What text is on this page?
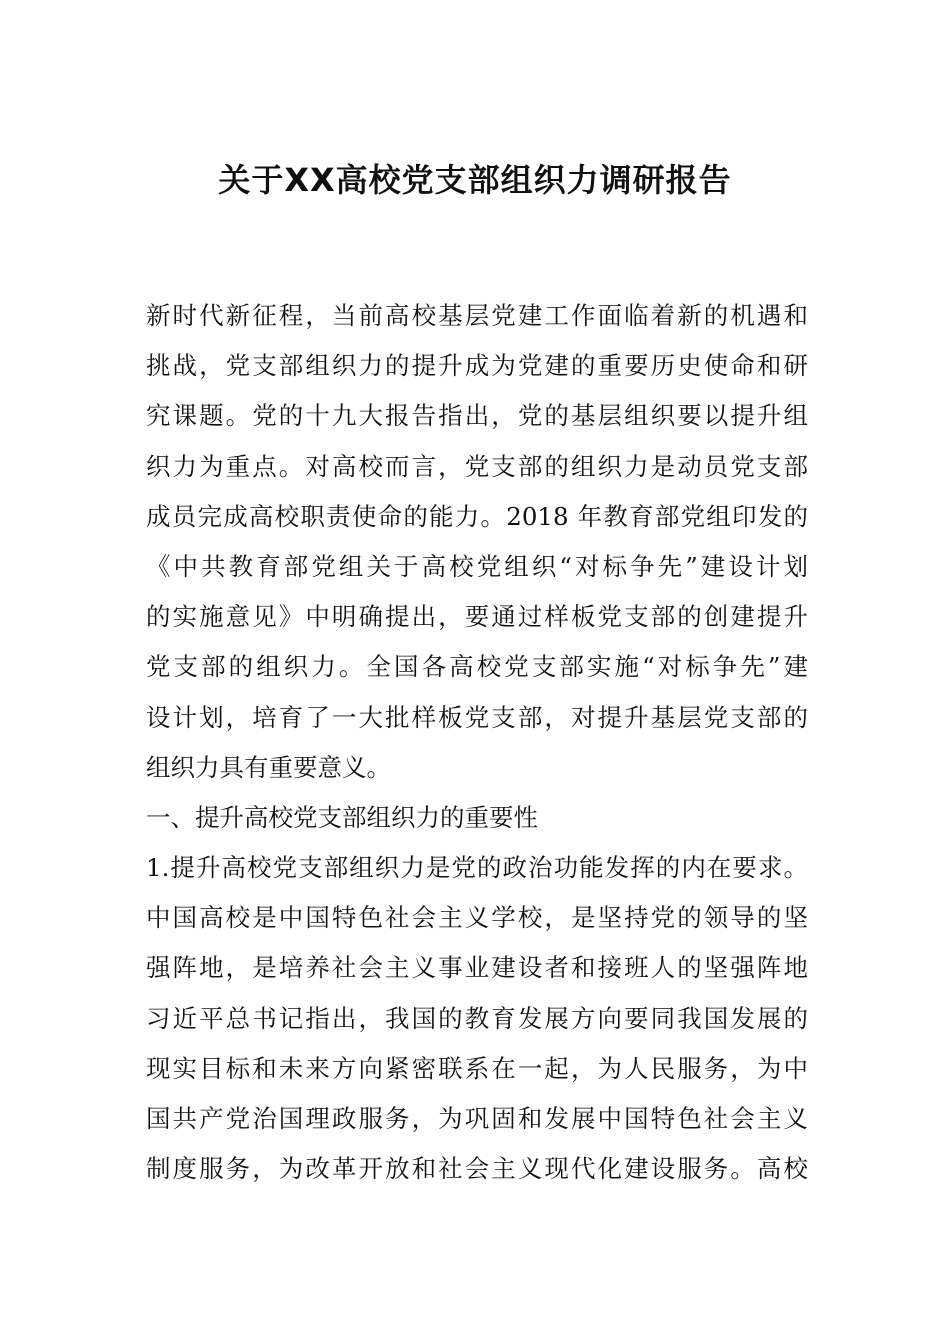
关于XX高校党支部组织力调研报告
新时代新征程，当前高校基层党建工作面临着新的机遇和
挑战，党支部组织力的提升成为党建的重要历史使命和研
究课题。党的十九大报告指出，党的基层组织要以提升组
织力为重点。对高校而言，党支部的组织力是动员党支部
成员完成高校职责使命的能力。2018 年教育部党组印发的
《中共教育部党组关于高校党组织“对标争先”建设计划
的实施意见》中明确提出，要通过样板党支部的创建提升
党支部的组织力。全国各高校党支部实施“对标争先”建
设计划，培育了一大批样板党支部，对提升基层党支部的
组织力具有重要意义。
一、提升高校党支部组织力的重要性
1.提升高校党支部组织力是党的政治功能发挥的内在要求。
中国高校是中国特色社会主义学校，是坚持党的领导的坚
强阵地，是培养社会主义事业建设者和接班人的坚强阵地
习近平总书记指出，我国的教育发展方向要同我国发展的
现实目标和未来方向紧密联系在一起，为人民服务，为中
国共产党治国理政服务，为巩固和发展中国特色社会主义
制度服务，为改革开放和社会主义现代化建设服务。高校
